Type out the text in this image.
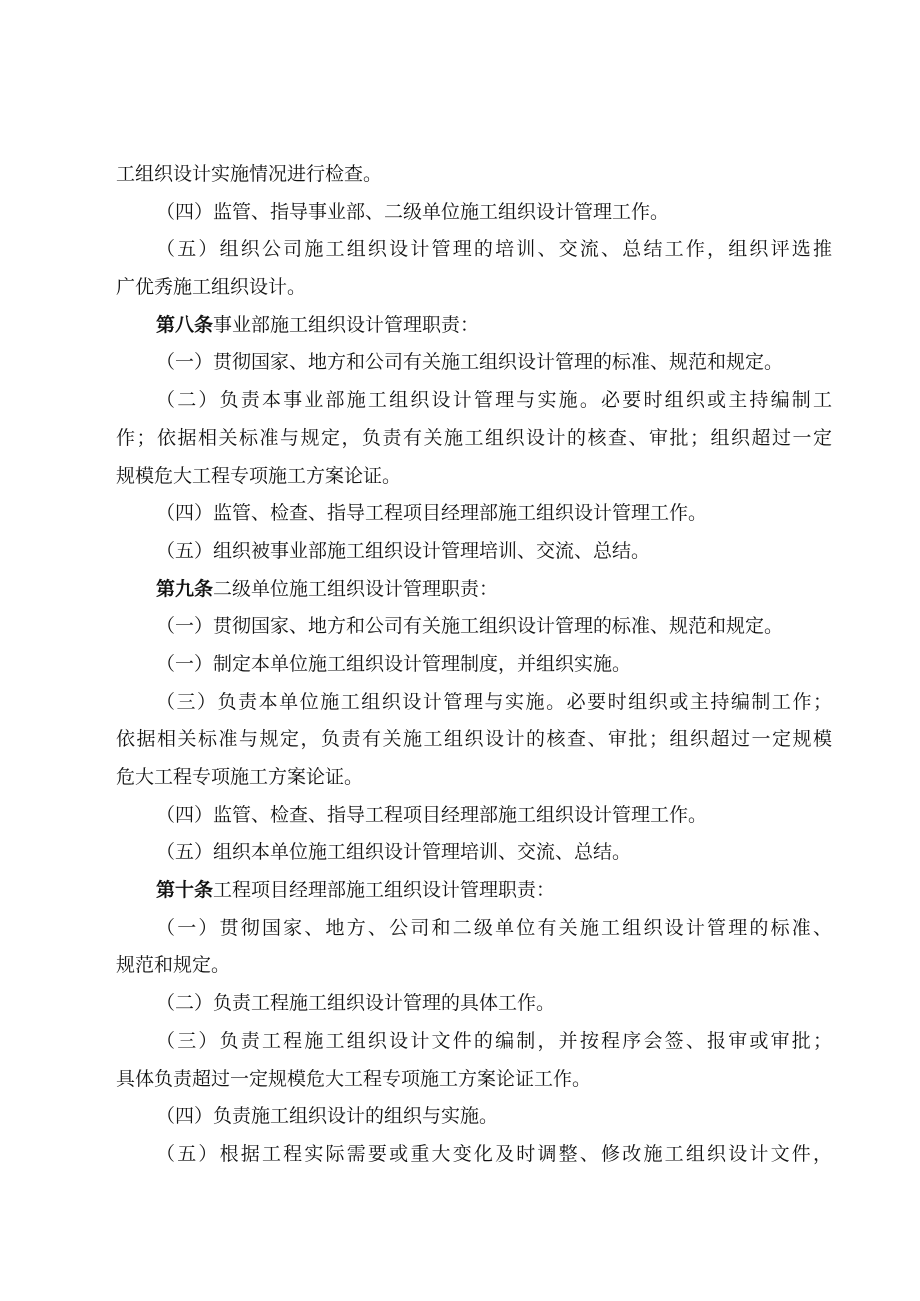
工组织设计实施情况进行检查。
（四）监管、指导事业部、二级单位施工组织设计管理工作。
（五）组织公司施工组织设计管理的培训、交流、总结工作，组织评选推
广优秀施工组织设计。
第八条事业部施工组织设计管理职责：
（一）贯彻国家、地方和公司有关施工组织设计管理的标准、规范和规定。
（二）负责本事业部施工组织设计管理与实施。必要时组织或主持编制工
作；依据相关标准与规定，负责有关施工组织设计的核查、审批；组织超过一定
规模危大工程专项施工方案论证。
（四）监管、检查、指导工程项目经理部施工组织设计管理工作。
（五）组织被事业部施工组织设计管理培训、交流、总结。
第九条二级单位施工组织设计管理职责：
（一）贯彻国家、地方和公司有关施工组织设计管理的标准、规范和规定。
（一）制定本单位施工组织设计管理制度，并组织实施。
（三）负责本单位施工组织设计管理与实施。必要时组织或主持编制工作；
依据相关标准与规定，负责有关施工组织设计的核查、审批；组织超过一定规模
危大工程专项施工方案论证。
（四）监管、检查、指导工程项目经理部施工组织设计管理工作。
（五）组织本单位施工组织设计管理培训、交流、总结。
第十条工程项目经理部施工组织设计管理职责：
（一）贯彻国家、地方、公司和二级单位有关施工组织设计管理的标准、
规范和规定。
（二）负责工程施工组织设计管理的具体工作。
（三）负责工程施工组织设计文件的编制，并按程序会签、报审或审批；
具体负责超过一定规模危大工程专项施工方案论证工作。
（四）负责施工组织设计的组织与实施。
（五）根据工程实际需要或重大变化及时调整、修改施工组织设计文件，
